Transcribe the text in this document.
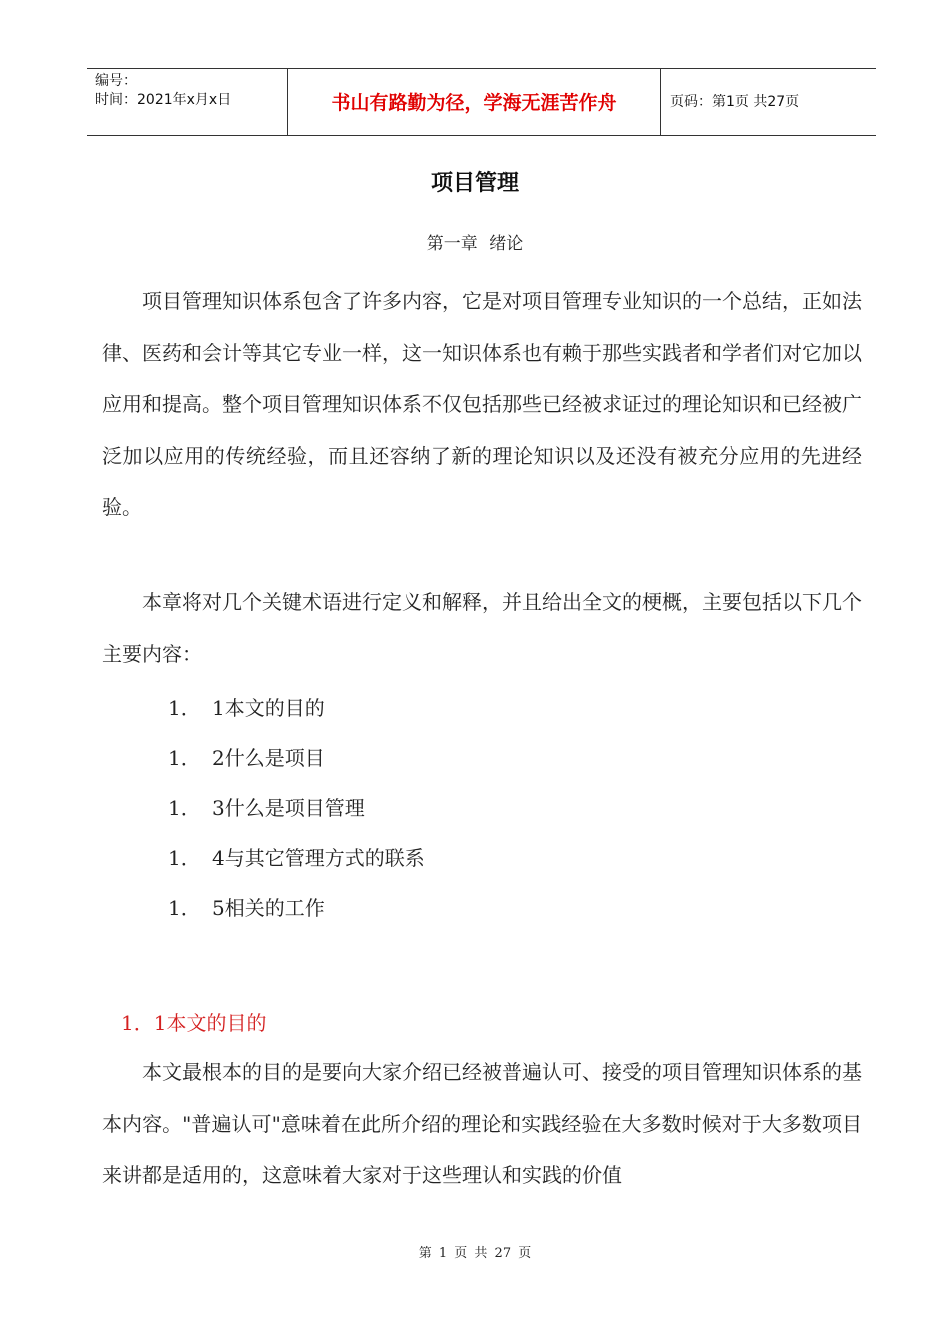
编号：
时间：2021年x月x日	书山有路勤为径，学海无涯苦作舟	页码：第1页 共27页
项目管理
第一章 绪论

项目管理知识体系包含了许多内容，它是对项目管理专业知识的一个总结，正如法律、医药和会计等其它专业一样，这一知识体系也有赖于那些实践者和学者们对它加以应用和提高。整个项目管理知识体系不仅包括那些已经被求证过的理论知识和已经被广泛加以应用的传统经验，而且还容纳了新的理论知识以及还没有被充分应用的先进经验。

本章将对几个关键术语进行定义和解释，并且给出全文的梗概，主要包括以下几个主要内容：

1． 1本文的目的
1． 2什么是项目
1． 3什么是项目管理
1． 4与其它管理方式的联系
1． 5相关的工作
1．1本文的目的

本文最根本的目的是要向大家介绍已经被普遍认可、接受的项目管理知识体系的基本内容。"普遍认可"意味着在此所介绍的理论和实践经验在大多数时候对于大多数项目来讲都是适用的，这意味着大家对于这些理认和实践的价值

第 1 页 共 27 页
